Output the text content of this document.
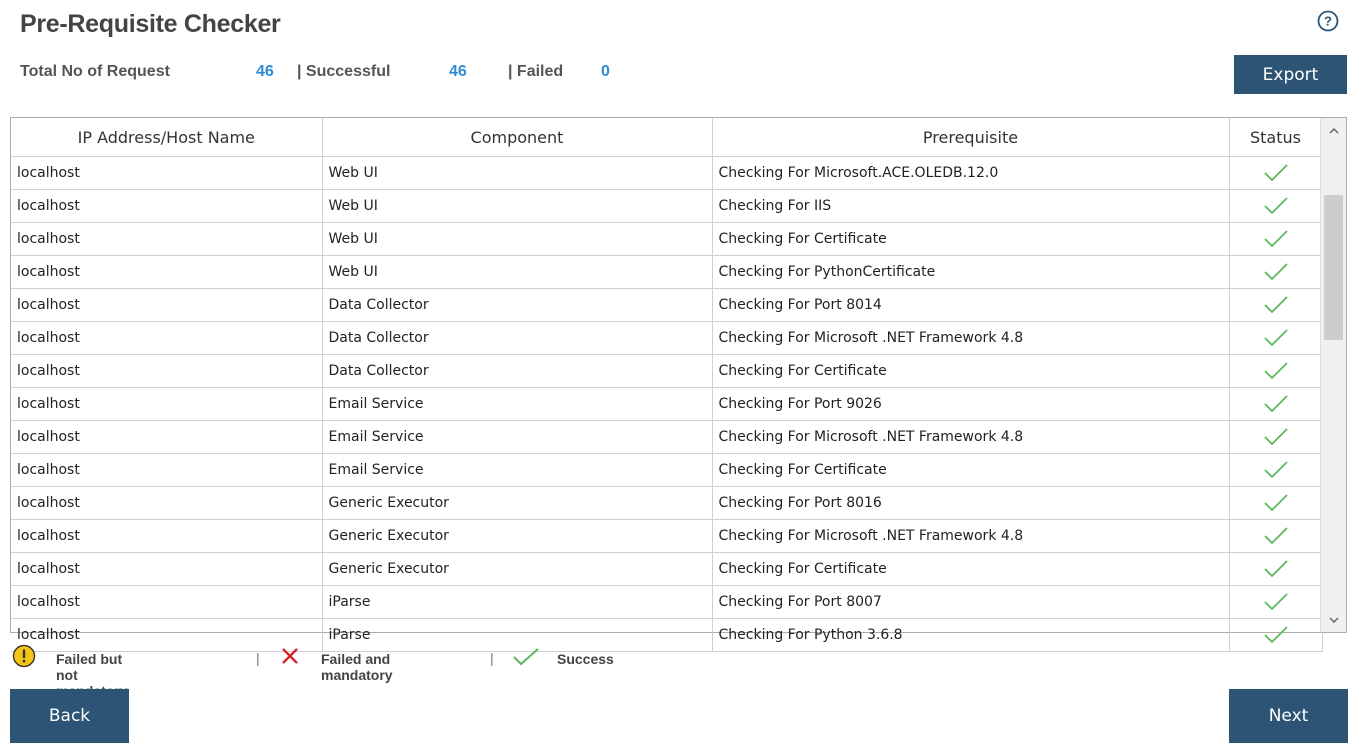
Pre-Requisite Checker	?
Total No of Request	46 | Successful	46	| Failed 0	Export
IP Address/Host Name	Component	Prerequisite	Status
localhost	Web UI	Checking For Microsoft.ACE.OLEDB.12.0	
localhost	Web UI	Checking For IIS	
localhost	Web UI	Checking For Certificate	
localhost	Web UI	Checking For PythonCertificate	
localhost	Data Collector	Checking For Port 8014	
localhost	Data Collector	Checking For Microsoft .NET Framework 4.8	
localhost	Data Collector	Checking For Certificate	
localhost	Email Service	Checking For Port 9026	
localhost	Email Service	Checking For Microsoft .NET Framework 4.8	
localhost	Email Service	Checking For Certificate	
localhost	Generic Executor	Checking For Port 8016	
localhost	Generic Executor	Checking For Microsoft .NET Framework 4.8	
localhost	Generic Executor	Checking For Certificate	
localhost	iParse	Checking For Port 8007	
localhost	iParse	Checking For Python 3.6.8	
Failed but not
|	Failed and mandatory
|	Success
Back	Next
